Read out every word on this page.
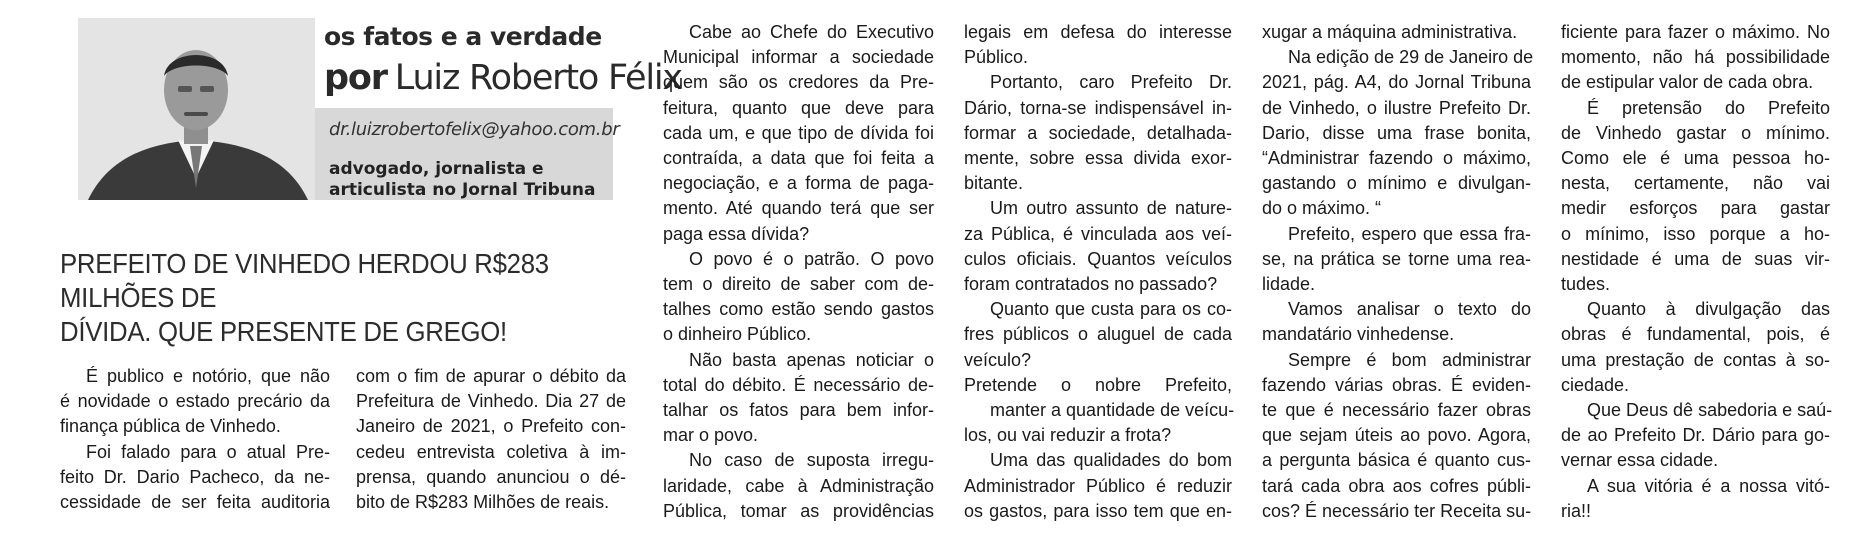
os fatos e a verdade
por Luiz Roberto Félix
dr.luizrobertofelix@yahoo.com.br
advogado, jornalista e
articulista no Jornal Tribuna
PREFEITO DE VINHEDO HERDOU R$283 MILHÕES DE
DÍVIDA. QUE PRESENTE DE GREGO!
É publico e notório, que não
é novidade o estado precário da
finança pública de Vinhedo.
Foi falado para o atual Pre-
feito Dr. Dario Pacheco, da ne-
cessidade de ser feita auditoria
com o fim de apurar o débito da
Prefeitura de Vinhedo. Dia 27 de
Janeiro de 2021, o Prefeito con-
cedeu entrevista coletiva à im-
prensa, quando anunciou o dé-
bito de R$283 Milhões de reais.
Cabe ao Chefe do Executivo
Municipal informar a sociedade
quem são os credores da Pre-
feitura, quanto que deve para
cada um, e que tipo de dívida foi
contraída, a data que foi feita a
negociação, e a forma de paga-
mento. Até quando terá que ser
paga essa dívida?
O povo é o patrão. O povo
tem o direito de saber com de-
talhes como estão sendo gastos
o dinheiro Público.
Não basta apenas noticiar o
total do débito. É necessário de-
talhar os fatos para bem infor-
mar o povo.
No caso de suposta irregu-
laridade, cabe à Administração
Pública, tomar as providências
legais em defesa do interesse
Público.
Portanto, caro Prefeito Dr.
Dário, torna-se indispensável in-
formar a sociedade, detalhada-
mente, sobre essa divida exor-
bitante.
Um outro assunto de nature-
za Pública, é vinculada aos veí-
culos oficiais. Quantos veículos
foram contratados no passado?
Quanto que custa para os co-
fres públicos o aluguel de cada
veículo?
Pretende o nobre Prefeito,
manter a quantidade de veícu-
los, ou vai reduzir a frota?
Uma das qualidades do bom
Administrador Público é reduzir
os gastos, para isso tem que en-
xugar a máquina administrativa.
Na edição de 29 de Janeiro de
2021, pág. A4, do Jornal Tribuna
de Vinhedo, o ilustre Prefeito Dr.
Dario, disse uma frase bonita,
“Administrar fazendo o máximo,
gastando o mínimo e divulgan-
do o máximo. “
Prefeito, espero que essa fra-
se, na prática se torne uma rea-
lidade.
Vamos analisar o texto do
mandatário vinhedense.
Sempre é bom administrar
fazendo várias obras. É eviden-
te que é necessário fazer obras
que sejam úteis ao povo. Agora,
a pergunta básica é quanto cus-
tará cada obra aos cofres públi-
cos? É necessário ter Receita su-
ficiente para fazer o máximo. No
momento, não há possibilidade
de estipular valor de cada obra.
É pretensão do Prefeito
de Vinhedo gastar o mínimo.
Como ele é uma pessoa ho-
nesta, certamente, não vai
medir esforços para gastar
o mínimo, isso porque a ho-
nestidade é uma de suas vir-
tudes.
Quanto à divulgação das
obras é fundamental, pois, é
uma prestação de contas à so-
ciedade.
Que Deus dê sabedoria e saú-
de ao Prefeito Dr. Dário para go-
vernar essa cidade.
A sua vitória é a nossa vitó-
ria!!
